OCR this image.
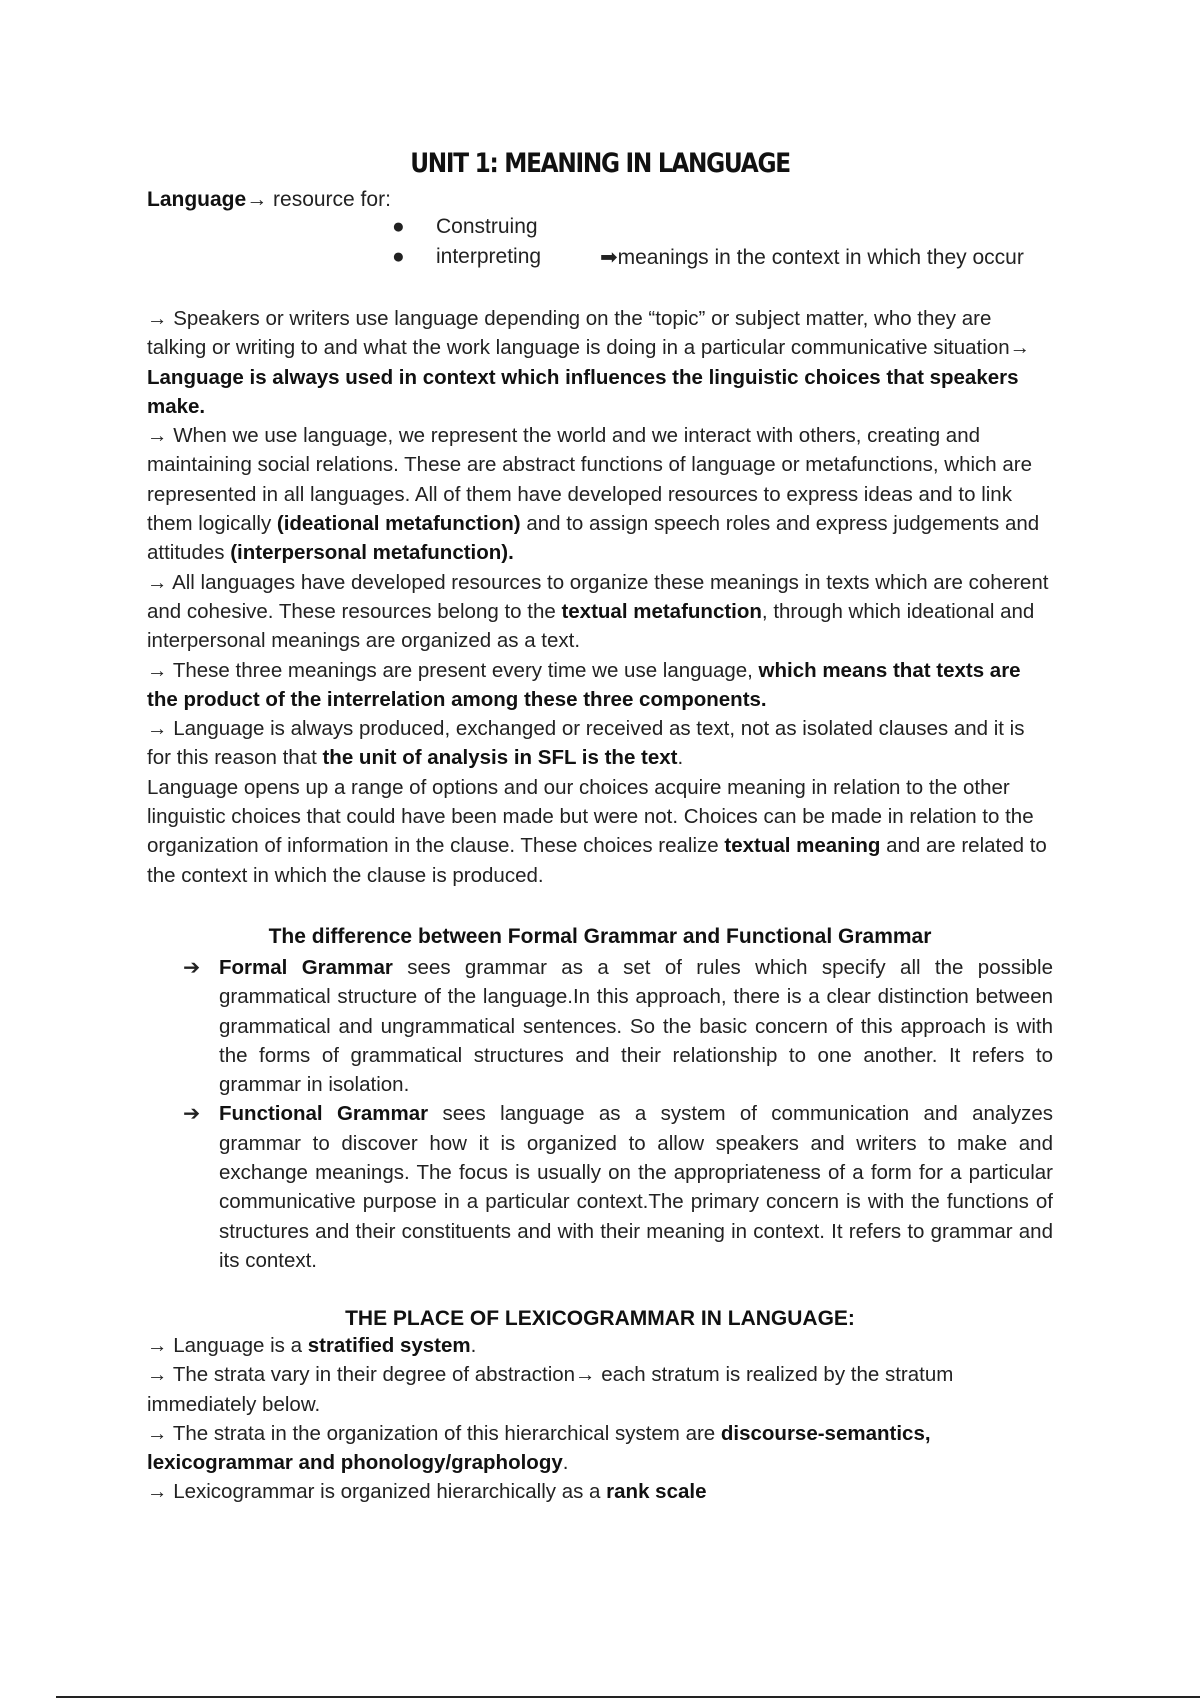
UNIT 1: MEANING IN LANGUAGE
Language→ resource for:
● Construing
● interpreting	➡meanings in the context in which they occur

→ Speakers or writers use language depending on the “topic” or subject matter, who they are talking or writing to and what the work language is doing in a particular communicative situation→ Language is always used in context which influences the linguistic choices that speakers make.

→ When we use language, we represent the world and we interact with others, creating and maintaining social relations. These are abstract functions of language or metafunctions, which are represented in all languages. All of them have developed resources to express ideas and to link them logically (ideational metafunction) and to assign speech roles and express judgements and attitudes (interpersonal metafunction).

→ All languages have developed resources to organize these meanings in texts which are coherent and cohesive. These resources belong to the textual metafunction, through which ideational and interpersonal meanings are organized as a text.

→ These three meanings are present every time we use language, which means that texts are the product of the interrelation among these three components.

→ Language is always produced, exchanged or received as text, not as isolated clauses and it is for this reason that the unit of analysis in SFL is the text.

Language opens up a range of options and our choices acquire meaning in relation to the other linguistic choices that could have been made but were not. Choices can be made in relation to the organization of information in the clause. These choices realize textual meaning and are related to the context in which the clause is produced.

The difference between Formal Grammar and Functional Grammar
➔ Formal Grammar sees grammar as a set of rules which specify all the possible grammatical structure of the language.In this approach, there is a clear distinction between grammatical and ungrammatical sentences. So the basic concern of this approach is with the forms of grammatical structures and their relationship to one another. It refers to grammar in isolation.
➔ Functional Grammar sees language as a system of communication and analyzes grammar to discover how it is organized to allow speakers and writers to make and exchange meanings. The focus is usually on the appropriateness of a form for a particular communicative purpose in a particular context.The primary concern is with the functions of structures and their constituents and with their meaning in context. It refers to grammar and its context.
THE PLACE OF LEXICOGRAMMAR IN LANGUAGE:

→ Language is a stratified system.

→ The strata vary in their degree of abstraction→ each stratum is realized by the stratum immediately below.

→ The strata in the organization of this hierarchical system are discourse-semantics, lexicogrammar and phonology/graphology.

→ Lexicogrammar is organized hierarchically as a rank scale
